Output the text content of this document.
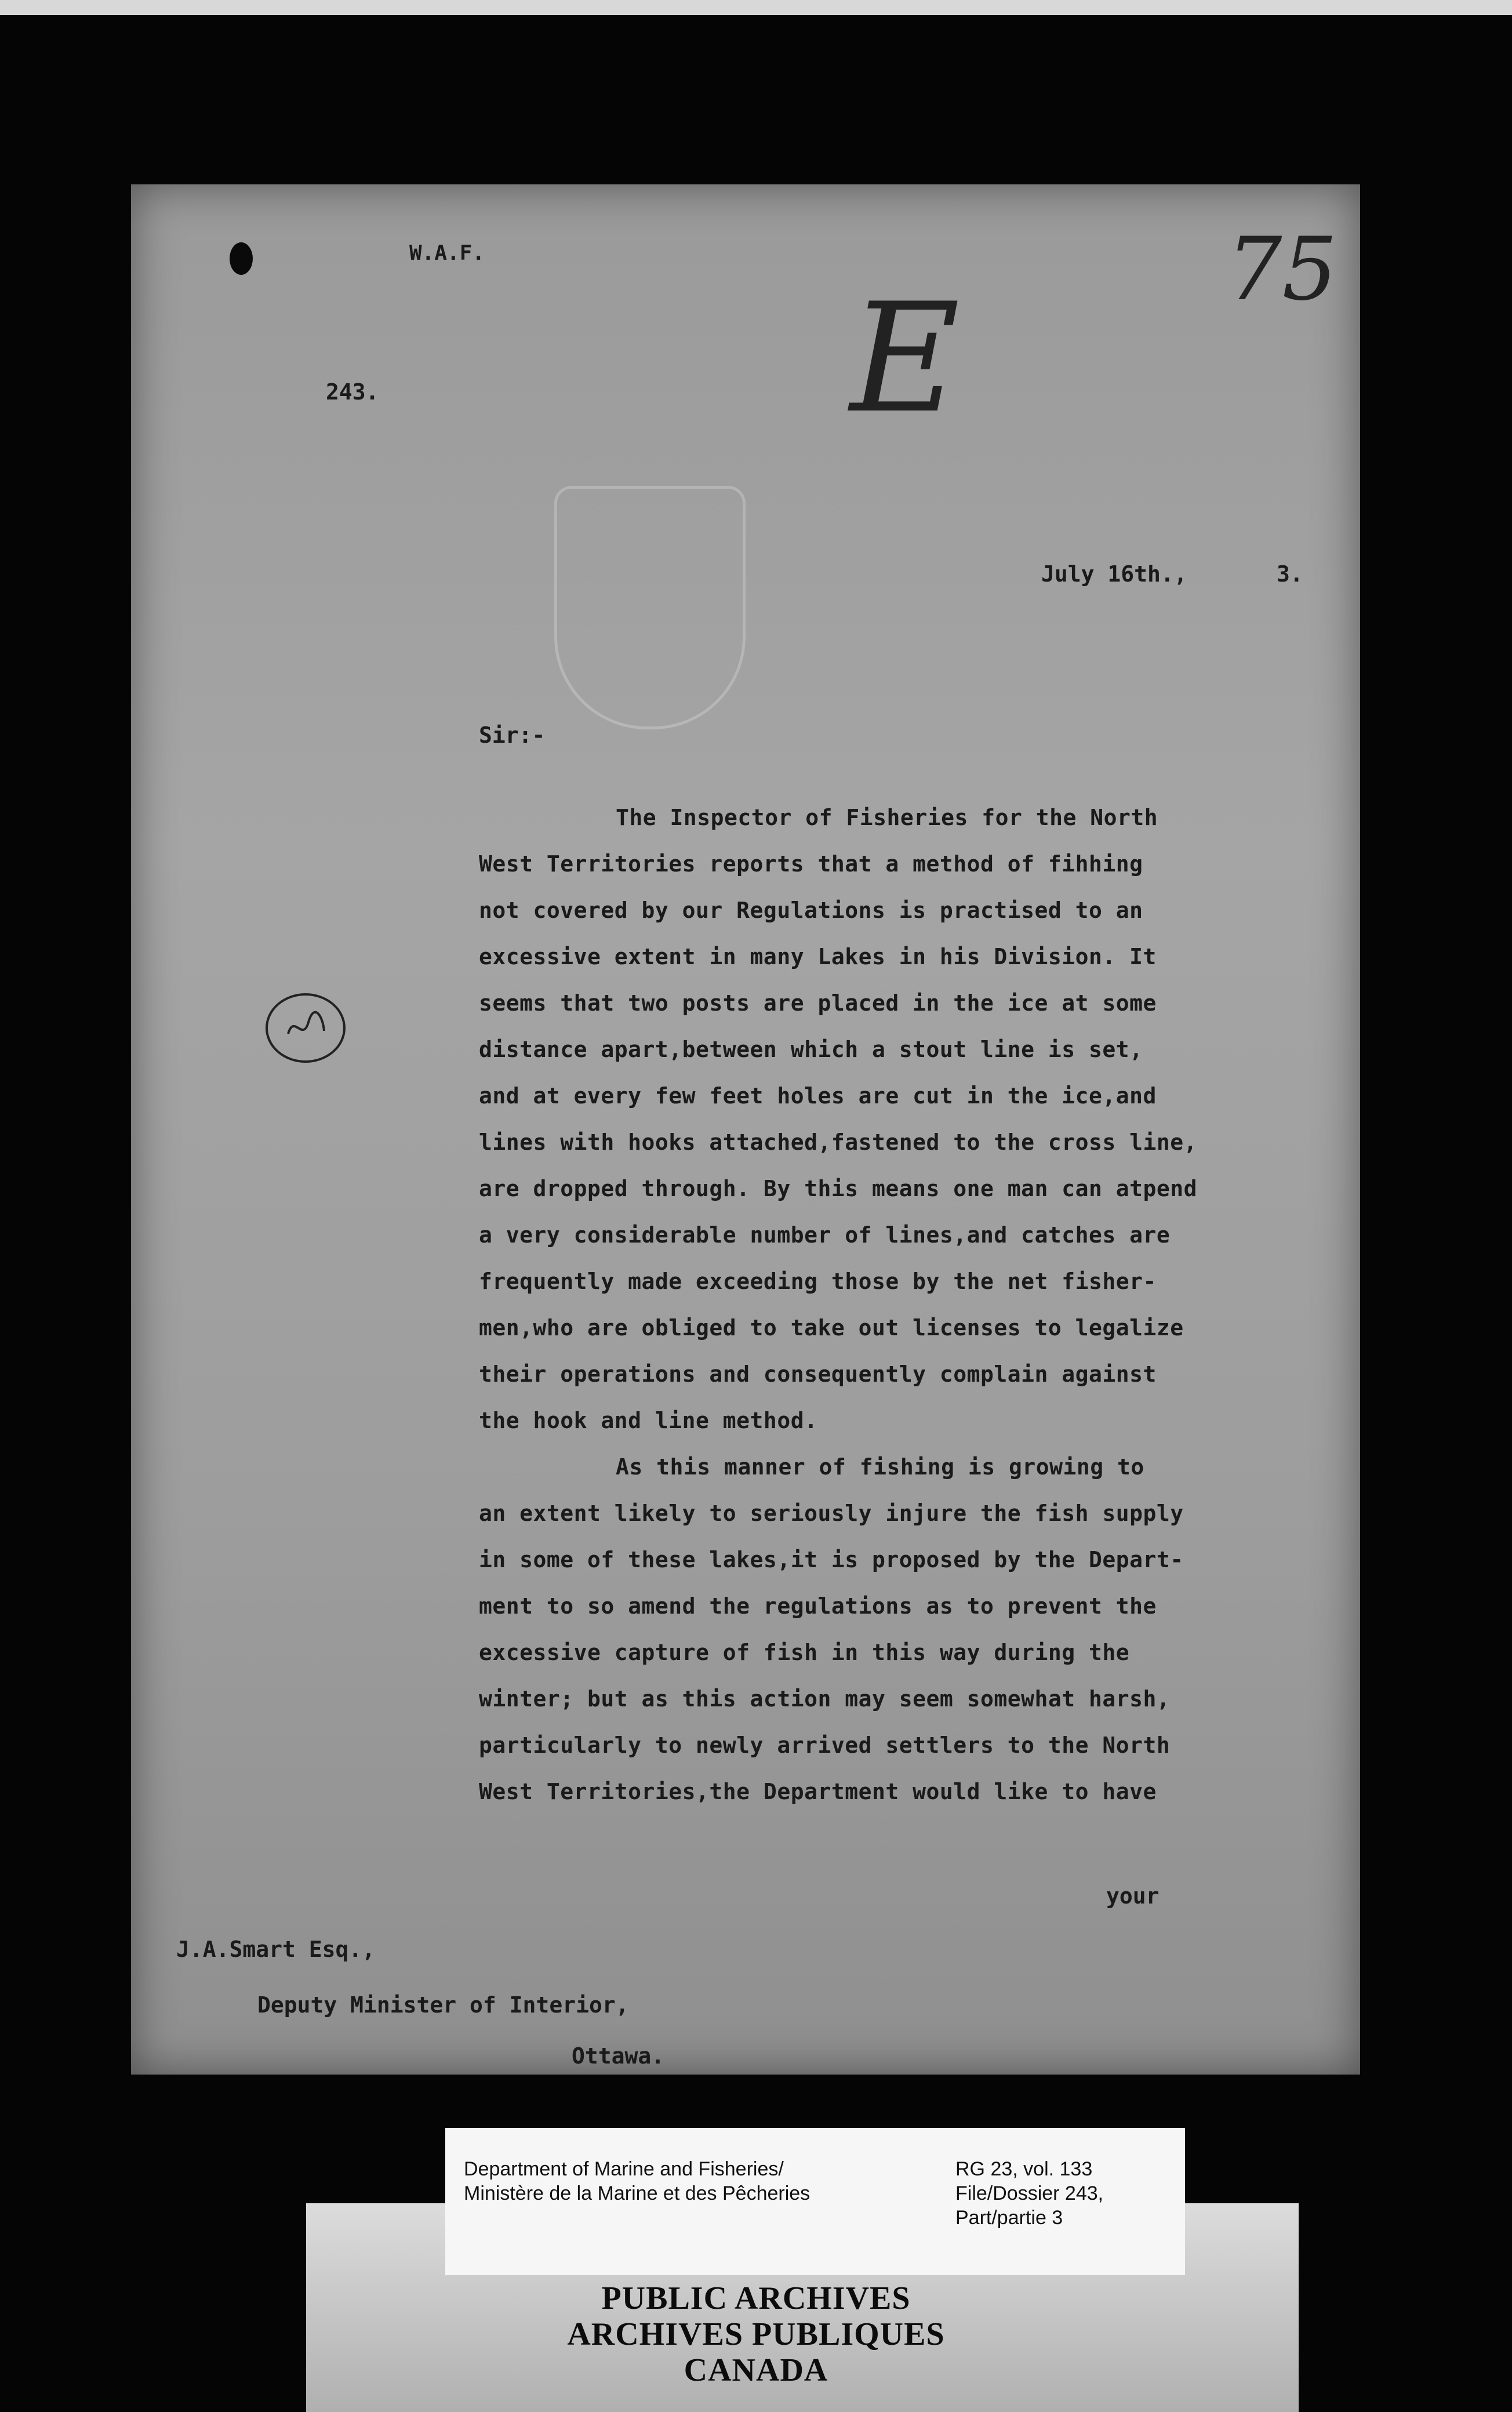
W.A.F.

243.

75

E

July 16th.,	3.

Sir:-

The Inspector of Fisheries for the North

West Territories reports that a method of fihhing

not covered by our Regulations is practised to an

excessive extent in many Lakes in his Division. It

seems that two posts are placed in the ice at some

distance apart,between which a stout line is set,

and at every few feet holes are cut in the ice,and

lines with hooks attached,fastened to the cross line,

are dropped through. By this means one man can atpend

a very considerable number of lines,and catches are

frequently made exceeding those by the net fisher-

men,who are obliged to take out licenses to legalize

their operations and consequently complain against

the hook and line method.

As this manner of fishing is growing to

an extent likely to seriously injure the fish supply

in some of these lakes,it is proposed by the Depart-

ment to so amend the regulations as to prevent the

excessive capture of fish in this way during the

winter; but as this action may seem somewhat harsh,

particularly to newly arrived settlers to the North

West Territories,the Department would like to have

your

J.A.Smart Esq.,

Deputy Minister of Interior,

Ottawa.

PUBLIC ARCHIVES

ARCHIVES PUBLIQUES

CANADA

Department of Marine and Fisheries/

Ministère de la Marine et des Pêcheries

RG 23, vol. 133

File/Dossier 243,

Part/partie 3
